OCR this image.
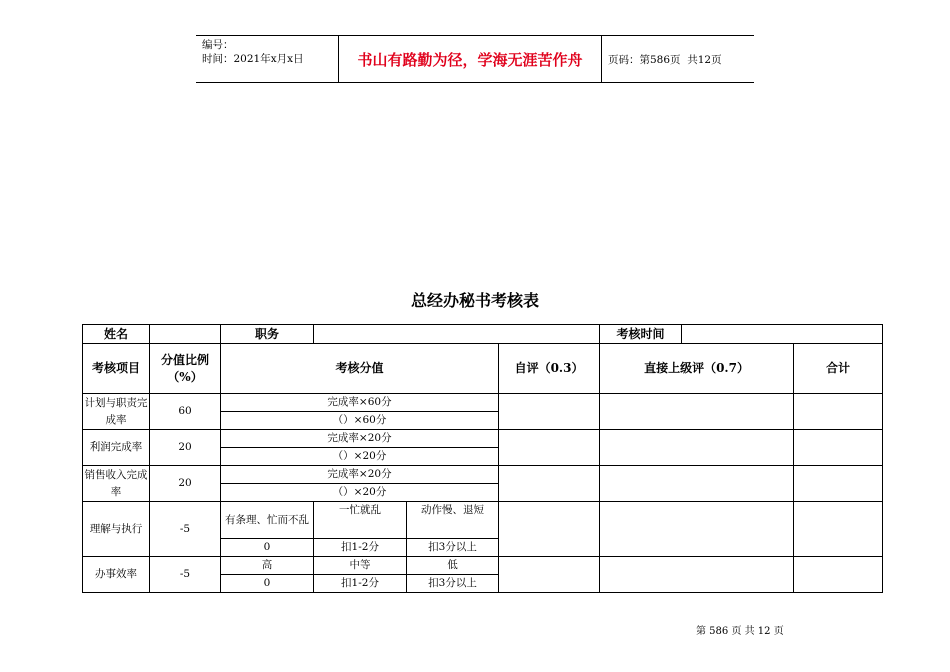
编号：
时间：2021年x月x日	书山有路勤为径，学海无涯苦作舟	页码：第586页  共12页
总经办秘书考核表
姓名		职务				考核时间		
考核项目	分值比例（%）	考核分值			自评（0.3）	直接上级评（0.7）		合计
计划与职责完成率	60	完成率×60分						
		（）×60分						
利润完成率	20	完成率×20分						
		（）×20分						
销售收入完成率	20	完成率×20分						
		（）×20分						
理解与执行	-5	有条理、忙而不乱	一忙就乱	动作慢、退短				
		0	扣1-2分	扣3分以上				
办事效率	-5	高	中等	低				
		0	扣1-2分	扣3分以上				
第 586 页 共 12 页
